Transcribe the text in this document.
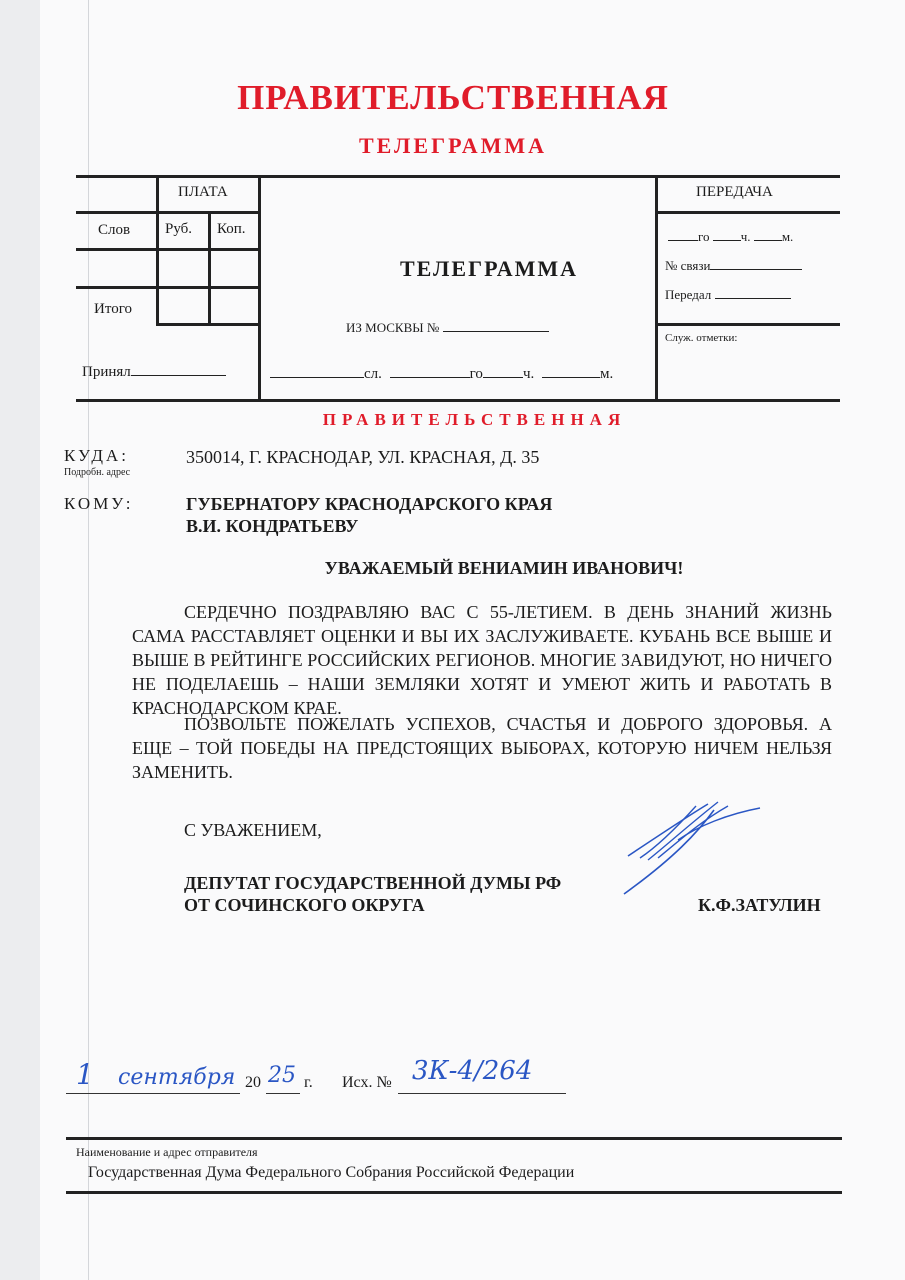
ПРАВИТЕЛЬСТВЕННАЯ
ТЕЛЕГРАММА
ПЛАТА
Слов Руб. Коп.
Итого
Принял
ТЕЛЕГРАММА
ИЗ МОСКВЫ №
сл.	го	ч.	м.
ПЕРЕДАЧА
го ч. м.
№ связи
Передал
Служ. отметки:
ПРАВИТЕЛЬСТВЕННАЯ
КУДА:
Подробн. адрес
350014, Г. КРАСНОДАР, УЛ. КРАСНАЯ, Д. 35
КОМУ:	ГУБЕРНАТОРУ КРАСНОДАРСКОГО КРАЯ
В.И. КОНДРАТЬЕВУ
УВАЖАЕМЫЙ ВЕНИАМИН ИВАНОВИЧ!
СЕРДЕЧНО ПОЗДРАВЛЯЮ ВАС С 55-ЛЕТИЕМ. В ДЕНЬ ЗНАНИЙ ЖИЗНЬ САМА РАССТАВЛЯЕТ ОЦЕНКИ И ВЫ ИХ ЗАСЛУЖИВАЕТЕ. КУБАНЬ ВСЕ ВЫШЕ И ВЫШЕ В РЕЙТИНГЕ РОССИЙСКИХ РЕГИОНОВ. МНОГИЕ ЗАВИДУЮТ, НО НИЧЕГО НЕ ПОДЕЛАЕШЬ – НАШИ ЗЕМЛЯКИ ХОТЯТ И УМЕЮТ ЖИТЬ И РАБОТАТЬ В КРАСНОДАРСКОМ КРАЕ.
ПОЗВОЛЬТЕ ПОЖЕЛАТЬ УСПЕХОВ, СЧАСТЬЯ И ДОБРОГО ЗДОРОВЬЯ. А ЕЩЕ – ТОЙ ПОБЕДЫ НА ПРЕДСТОЯЩИХ ВЫБОРАХ, КОТОРУЮ НИЧЕМ НЕЛЬЗЯ ЗАМЕНИТЬ.
С УВАЖЕНИЕМ,
ДЕПУТАТ ГОСУДАРСТВЕННОЙ ДУМЫ РФ
ОТ СОЧИНСКОГО ОКРУГА	К.Ф.ЗАТУЛИН
1 сентября 20 25 г. Исх. № 3К-4/264
Наименование и адрес отправителя
Государственная Дума Федерального Собрания Российской Федерации
